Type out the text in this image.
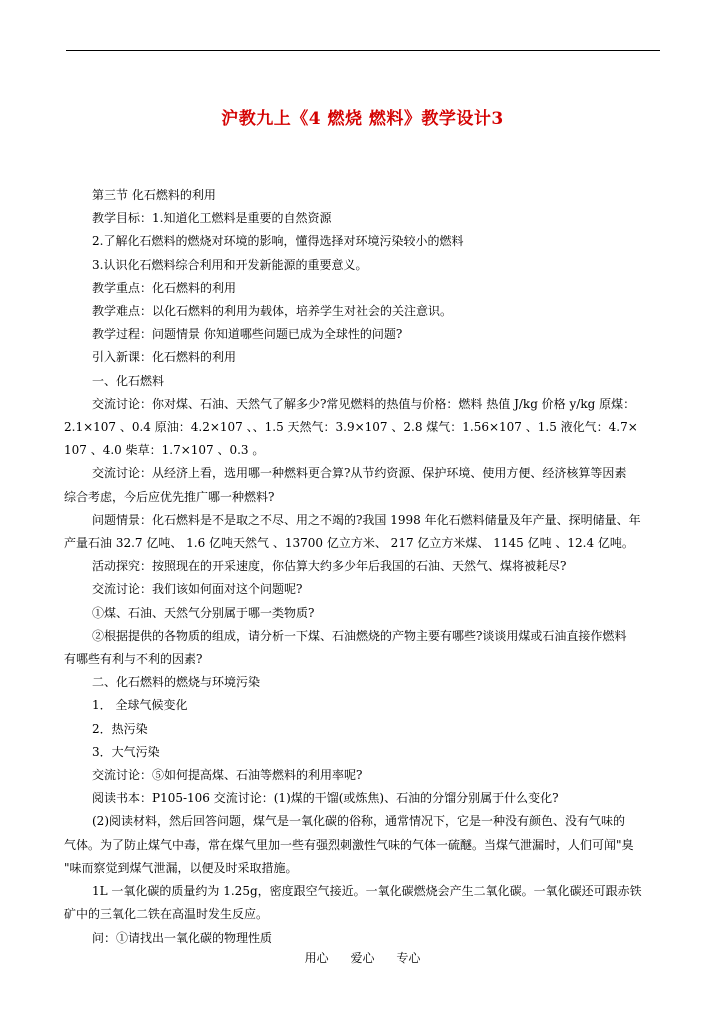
沪教九上《4 燃烧 燃料》教学设计3

第三节 化石燃料的利用

教学目标：1.知道化工燃料是重要的自然资源

2.了解化石燃料的燃烧对环境的影响，懂得选择对环境污染较小的燃料

3.认识化石燃料综合利用和开发新能源的重要意义。

教学重点：化石燃料的利用

教学难点：以化石燃料的利用为载体，培养学生对社会的关注意识。

教学过程：问题情景 你知道哪些问题已成为全球性的问题?

引入新课：化石燃料的利用

一、化石燃料

交流讨论：你对煤、石油、天然气了解多少?常见燃料的热值与价格：燃料 热值 J/kg 价格 y/kg 原煤：

2.1×107 、0.4 原油：4.2×107 、、1.5 天然气：3.9×107 、2.8 煤气：1.56×107 、1.5 液化气：4.7×

107 、4.0 柴草：1.7×107 、0.3 。

交流讨论：从经济上看，选用哪一种燃料更合算?从节约资源、保护环境、使用方便、经济核算等因素

综合考虑，今后应优先推广哪一种燃料?

问题情景：化石燃料是不是取之不尽、用之不竭的?我国 1998 年化石燃料储量及年产量、探明储量、年

产量石油 32.7 亿吨、 1.6 亿吨天然气 、13700 亿立方米、 217 亿立方米煤、 1145 亿吨 、12.4 亿吨。

活动探究：按照现在的开采速度，你估算大约多少年后我国的石油、天然气、煤将被耗尽?

交流讨论：我们该如何面对这个问题呢?

①煤、石油、天然气分别属于哪一类物质?

②根据提供的各物质的组成，请分析一下煤、石油燃烧的产物主要有哪些?谈谈用煤或石油直接作燃料

有哪些有利与不利的因素?

二、化石燃料的燃烧与环境污染

1． 全球气候变化

2．热污染

3．大气污染

交流讨论：⑤如何提高煤、石油等燃料的利用率呢?

阅读书本：P105-106 交流讨论：(1)煤的干馏(或炼焦)、石油的分馏分别属于什么变化?

(2)阅读材料，然后回答问题，煤气是一氧化碳的俗称，通常情况下，它是一种没有颜色、没有气味的

气体。为了防止煤气中毒，常在煤气里加一些有强烈刺激性气味的气体一硫醚。当煤气泄漏时，人们可闻"臭

"味而察觉到煤气泄漏，以便及时采取措施。

1L 一氧化碳的质量约为 1.25g，密度跟空气接近。一氧化碳燃烧会产生二氧化碳。一氧化碳还可跟赤铁

矿中的三氧化二铁在高温时发生反应。

问：①请找出一氧化碳的物理性质

用心 爱心 专心
